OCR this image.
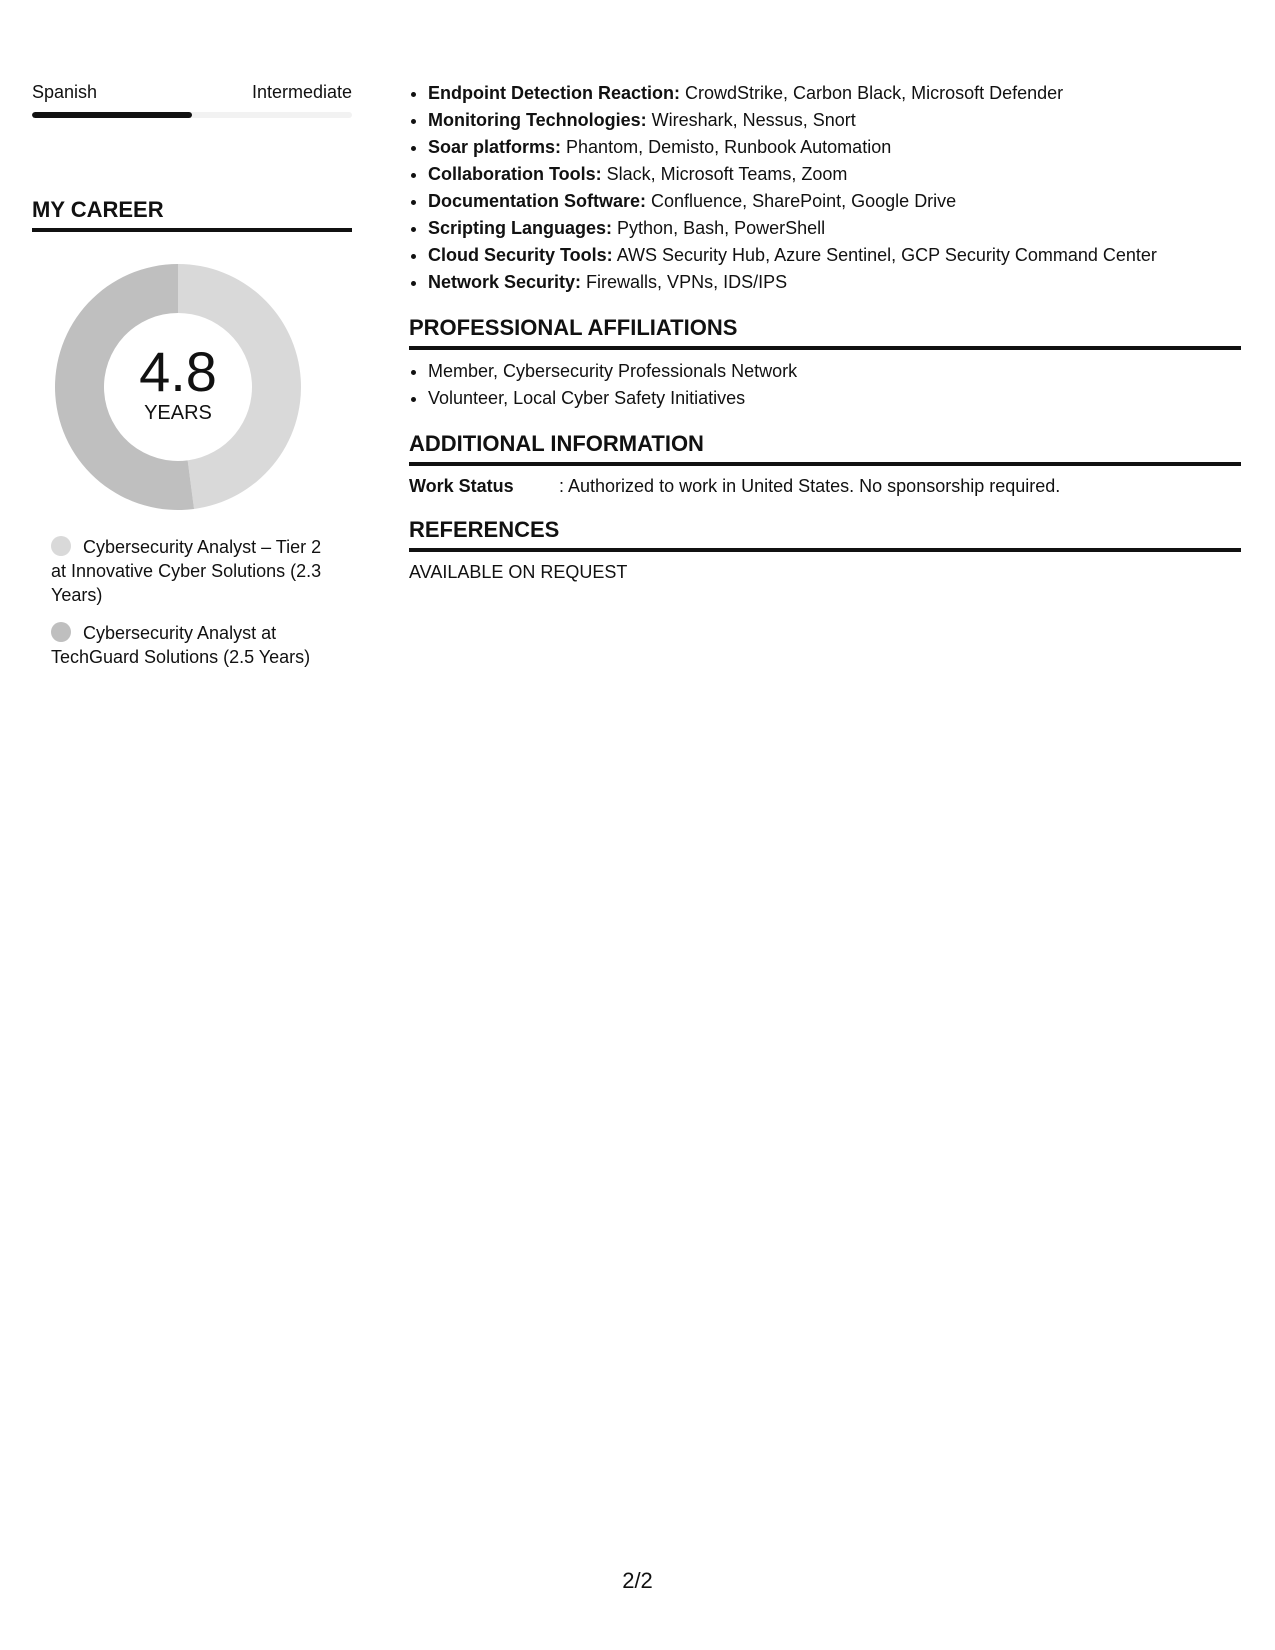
Spanish	Intermediate
MY CAREER
4.8
YEARS
Cybersecurity Analyst – Tier 2 at Innovative Cyber Solutions (2.3 Years)
Cybersecurity Analyst at TechGuard Solutions (2.5 Years)
• Endpoint Detection Reaction: CrowdStrike, Carbon Black, Microsoft Defender
• Monitoring Technologies: Wireshark, Nessus, Snort
• Soar platforms: Phantom, Demisto, Runbook Automation
• Collaboration Tools: Slack, Microsoft Teams, Zoom
• Documentation Software: Confluence, SharePoint, Google Drive
• Scripting Languages: Python, Bash, PowerShell
• Cloud Security Tools: AWS Security Hub, Azure Sentinel, GCP Security Command Center
• Network Security: Firewalls, VPNs, IDS/IPS
PROFESSIONAL AFFILIATIONS
• Member, Cybersecurity Professionals Network
• Volunteer, Local Cyber Safety Initiatives
ADDITIONAL INFORMATION
Work Status	: Authorized to work in United States. No sponsorship required.
REFERENCES
AVAILABLE ON REQUEST
2/2
